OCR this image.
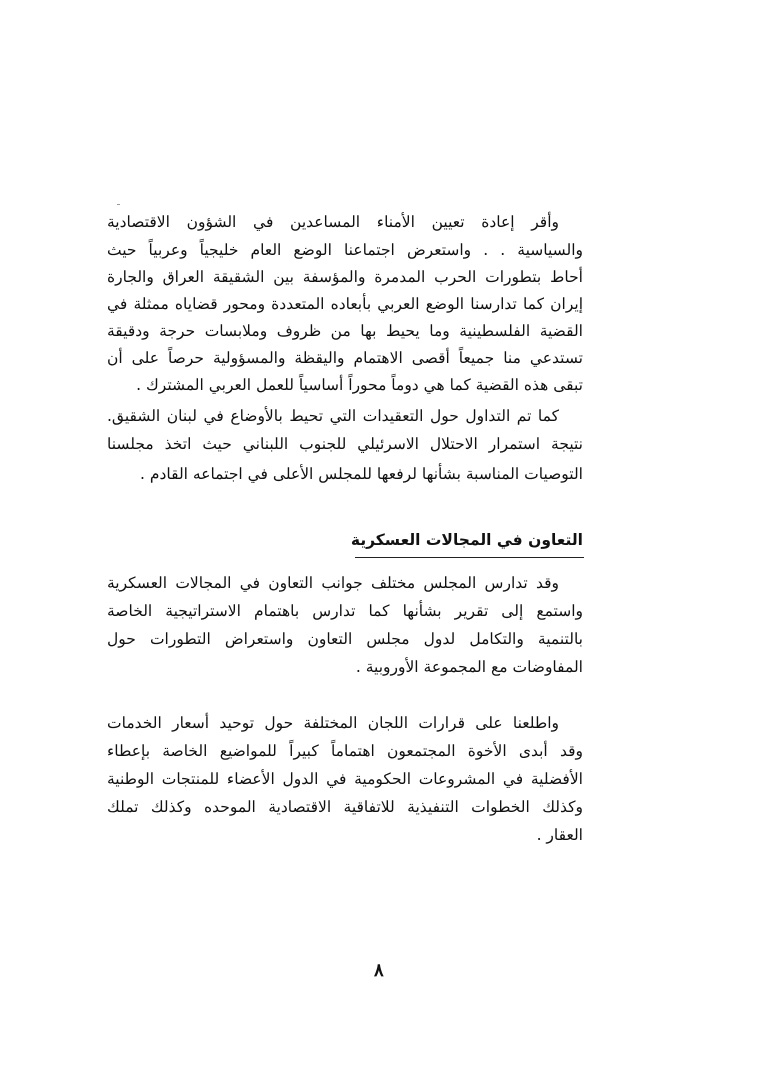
وأقر إعادة تعيين الأمناء المساعدين في الشؤون الاقتصادية
والسياسية . . واستعرض اجتماعنا الوضع العام خليجياً وعربياً حيث
أحاط بتطورات الحرب المدمرة والمؤسفة بين الشقيقة العراق والجارة
إيران كما تدارسنا الوضع العربي بأبعاده المتعددة ومحور قضاياه ممثلة في
القضية الفلسطينية وما يحيط بها من ظروف وملابسات حرجة ودقيقة
تستدعي منا جميعاً أقصى الاهتمام واليقظة والمسؤولية حرصاً على أن
تبقى هذه القضية كما هي دوماً محوراً أساسياً للعمل العربي المشترك .
كما تم التداول حول التعقيدات التي تحيط بالأوضاع في لبنان الشقيق.
نتيجة استمرار الاحتلال الاسرئيلي للجنوب اللبناني حيث اتخذ مجلسنا
التوصيات المناسبة بشأنها لرفعها للمجلس الأعلى في اجتماعه القادم .
التعاون في المجالات العسكرية
وقد تدارس المجلس مختلف جوانب التعاون في المجالات العسكرية
واستمع إلى تقرير بشأنها كما تدارس باهتمام الاستراتيجية الخاصة
بالتنمية والتكامل لدول مجلس التعاون واستعراض التطورات حول
المفاوضات مع المجموعة الأوروبية .
واطلعنا على قرارات اللجان المختلفة حول توحيد أسعار الخدمات
وقد أبدى الأخوة المجتمعون اهتماماً كبيراً للمواضيع الخاصة بإعطاء
الأفضلية في المشروعات الحكومية في الدول الأعضاء للمنتجات الوطنية
وكذلك الخطوات التنفيذية للاتفاقية الاقتصادية الموحده وكذلك تملك
العقار .
٨
